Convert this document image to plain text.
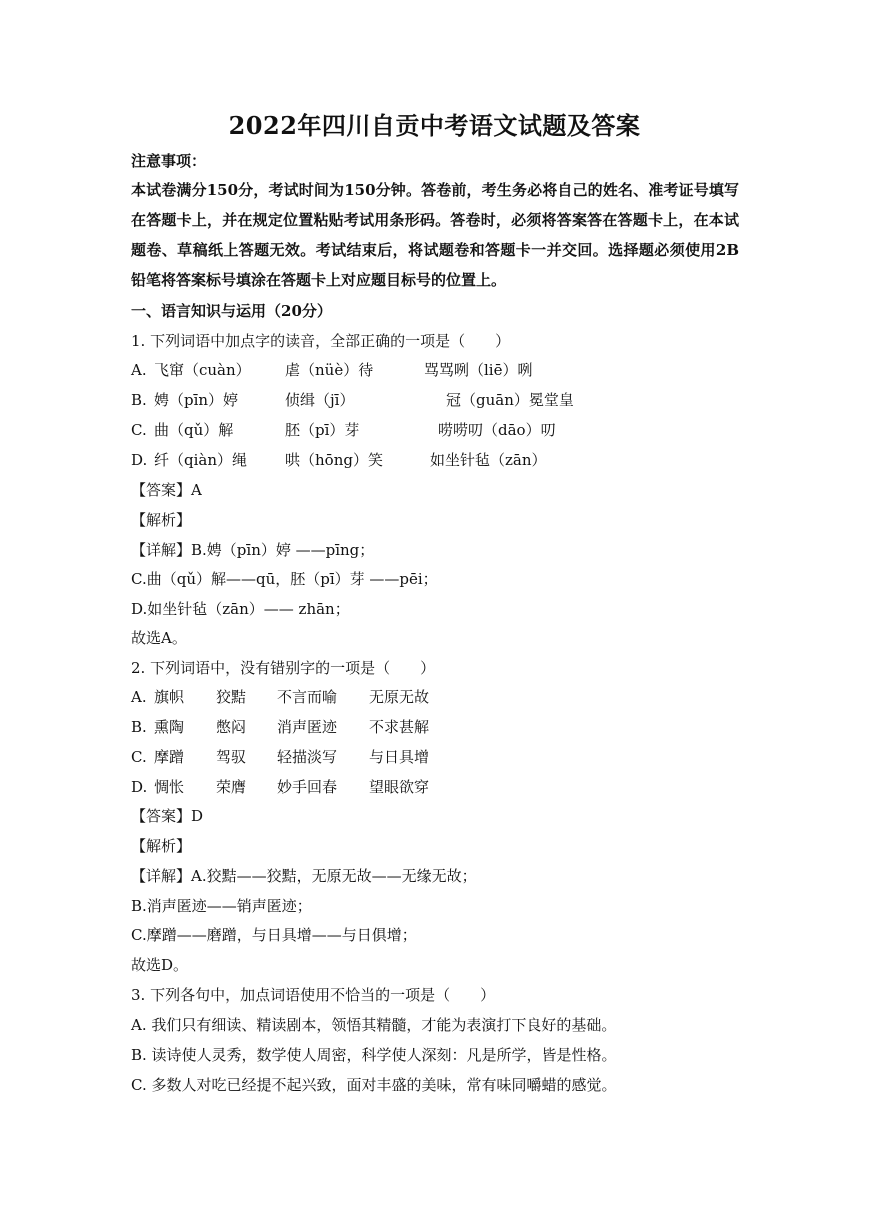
2022年四川自贡中考语文试题及答案
注意事项：
本试卷满分150分，考试时间为150分钟。答卷前，考生务必将自己的姓名、准考证号填写在答题卡上，并在规定位置粘贴考试用条形码。答卷时，必须将答案答在答题卡上，在本试题卷、草稿纸上答题无效。考试结束后，将试题卷和答题卡一并交回。选择题必须使用2B铅笔将答案标号填涂在答题卡上对应题目标号的位置上。
一、语言知识与运用（20分）
1. 下列词语中加点字的读音，全部正确的一项是（　　）
A. 飞窜（cuàn） 虐（nüè）待	骂骂咧（liē）咧
B. 娉（pīn）婷	侦缉（jī）	冠（guān）冕堂皇
C. 曲（qǔ）解	胚（pī）芽	唠唠叨（dāo）叨
D. 纤（qiàn）绳	哄（hōng）笑	如坐针毡（zān）
【答案】A
【解析】
【详解】B.娉（pīn）婷 ——pīng；
C.曲（qǔ）解——qū，胚（pī）芽 ——pēi；
D.如坐针毡（zān）—— zhān；
故选A。
2. 下列词语中，没有错别字的一项是（　　）
A. 旗帜 狡黠 不言而喻 无原无故
B. 熏陶 憋闷 消声匿迹 不求甚解
C. 摩蹭 驾驭 轻描淡写 与日具增
D. 惆怅 荣膺 妙手回春 望眼欲穿
【答案】D
【解析】
【详解】A.狡黠——狡黠，无原无故——无缘无故；
B.消声匿迹——销声匿迹；
C.摩蹭——磨蹭，与日具增——与日俱增；
故选D。
3. 下列各句中，加点词语使用不恰当的一项是（　　）
A. 我们只有细读、精读剧本，领悟其精髓，才能为表演打下良好的基础。
B. 读诗使人灵秀，数学使人周密，科学使人深刻：凡是所学，皆是性格。
C. 多数人对吃已经提不起兴致，面对丰盛的美味，常有味同嚼蜡的感觉。
